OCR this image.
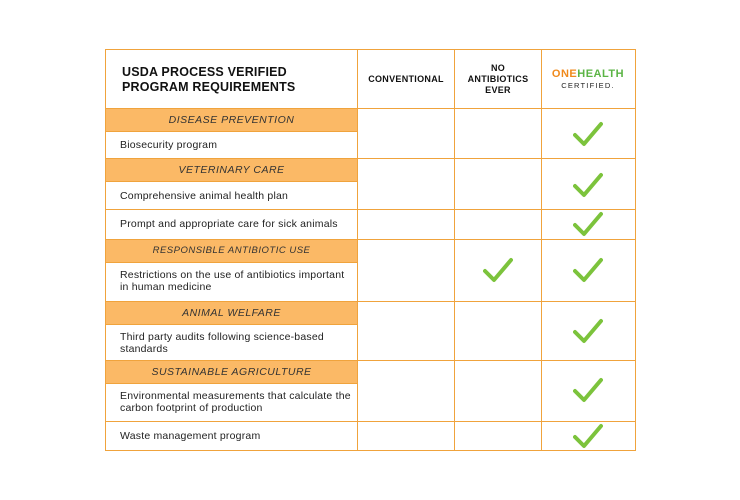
USDA PROCESS VERIFIED PROGRAM REQUIREMENTS
CONVENTIONAL
NO ANTIBIOTICS EVER
ONEHEALTH
CERTIFIED.
DISEASE PREVENTION
VETERINARY CARE
RESPONSIBLE ANTIBIOTIC USE
ANIMAL WELFARE
SUSTAINABLE AGRICULTURE
Biosecurity program
Comprehensive animal health plan
Prompt and appropriate care for sick animals
Restrictions on the use of antibiotics important in human medicine
Third party audits following science-based standards
Environmental measurements that calculate the carbon footprint of production
Waste management program
